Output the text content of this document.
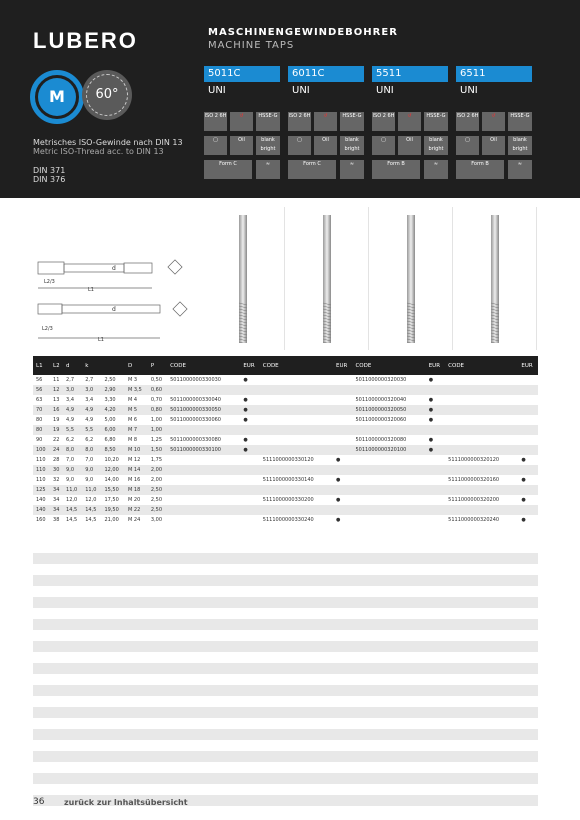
LUBERO	MASCHINENGEWINDEBOHRER
MACHINE TAPS
M	60°
Metrisches ISO-Gewinde nach DIN 13
Metric ISO-Thread acc. to DIN 13
DIN 371
DIN 376
5011C
UNI
ISO 2 6H	↺	HSSE-G
▢	Oil	blank bright
Form C	≈
6011C
UNI
ISO 2 6H	↺	HSSE-G
▢	Oil	blank bright
Form C	≈
5511
UNI
ISO 2 6H	↺	HSSE-G
▢	Oil	blank bright
Form B	≈
6511
UNI
ISO 2 6H	↺	HSSE-G
▢	Oil	blank bright
Form B	≈
d
L1
L2/3
d
L2/3
L1
L1	L2	d	k		D	P	CODE	EUR	CODE	EUR	CODE	EUR	CODE	EUR
56	11	2,7	2,7	2,50	M 3	0,50	5011000000330030	●			5011000000320030	●		
56	12	3,0	3,0	2,90	M 3,5	0,60								
63	13	3,4	3,4	3,30	M 4	0,70	5011000000330040	●			5011000000320040	●		
70	16	4,9	4,9	4,20	M 5	0,80	5011000000330050	●			5011000000320050	●		
80	19	4,9	4,9	5,00	M 6	1,00	5011000000330060	●			5011000000320060	●		
80	19	5,5	5,5	6,00	M 7	1,00								
90	22	6,2	6,2	6,80	M 8	1,25	5011000000330080	●			5011000000320080	●		
100	24	8,0	8,0	8,50	M 10	1,50	5011000000330100	●			5011000000320100	●		
110	28	7,0	7,0	10,20	M 12	1,75			5111000000330120	●			5111000000320120	●
110	30	9,0	9,0	12,00	M 14	2,00								
110	32	9,0	9,0	14,00	M 16	2,00			5111000000330140	●			5111000000320160	●
125	34	11,0	11,0	15,50	M 18	2,50								
140	34	12,0	12,0	17,50	M 20	2,50			5111000000330200	●			5111000000320200	●
140	34	14,5	14,5	19,50	M 22	2,50								
160	38	14,5	14,5	21,00	M 24	3,00			5111000000330240	●			5111000000320240	●
36 zurück zur Inhaltsübersicht
